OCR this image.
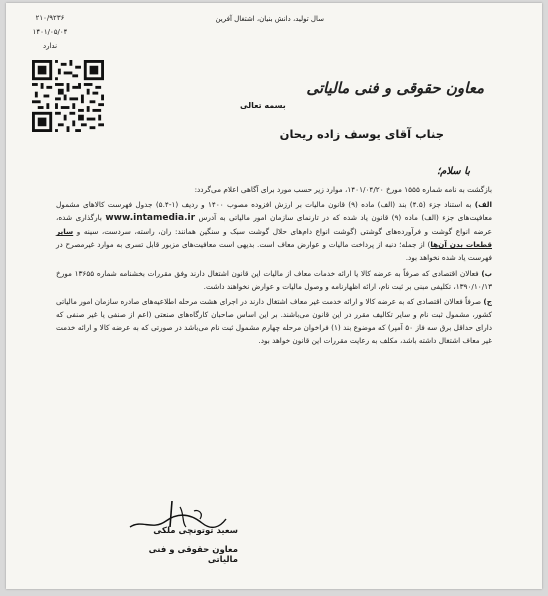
۲۱۰/۹۲۳۶
۱۴۰۱/۰۵/۰۴
ندارد
سال تولید، دانش بنیان، اشتغال آفرین
معاون حقوقی و فنی مالیاتی
بسمه تعالی
جناب آقای یوسف زاده ریحان
با سلام؛

بازگشت به نامه شماره ۱۵۵۵ مورخ ۱۴۰۱/۰۴/۲۰، موارد زیر حسب مورد برای آگاهی اعلام می‌گردد:

الف) به استناد جزء (۴.۵) بند (الف) ماده (۹) قانون مالیات بر ارزش افزوده مصوب ۱۴۰۰ و ردیف (۱-۵.۴) جدول فهرست کالاهای مشمول معافیت‌های جزء (الف) ماده (۹) قانون یاد شده که در تارنمای سازمان امور مالیاتی به آدرس www.intamedia.ir بارگذاری شده، عرضه انواع گوشت و فرآورده‌های گوشتی (گوشت انواع دام‌های حلال گوشت سبک و سنگین همانند: ران، راسته، سردست، سینه و سایر قطعات بدن آن‌ها) از جمله؛ دنبه از پرداخت مالیات و عوارض معاف است. بدیهی است معافیت‌های مزبور قابل تسری به موارد غیرمصرح در فهرست یاد شده نخواهد بود.

ب) فعالان اقتصادی که صرفاً به عرضه کالا یا ارائه خدمات معاف از مالیات این قانون اشتغال دارند وفق مقررات بخشنامه شماره ۱۳۶۵۵ مورخ ۱۳۹۰/۱۰/۱۳، تکلیفی مبنی بر ثبت نام، ارائه اظهارنامه و وصول مالیات و عوارض نخواهند داشت.

ج) صرفاً فعالان اقتصادی که به عرضه کالا و ارائه خدمت غیر معاف اشتغال دارند در اجرای هشت مرحله اطلاعیه‌های صادره سازمان امور مالیاتی کشور، مشمول ثبت نام و سایر تکالیف مقرر در این قانون می‌باشند. بر این اساس صاحبان کارگاه‌های صنعتی (اعم از صنفی یا غیر صنفی که دارای حداقل برق سه فاز ۵۰ آمپر) که موضوع بند (۱) فراخوان مرحله چهارم مشمول ثبت نام می‌باشد در صورتی که به عرضه کالا و ارائه خدمت غیر معاف اشتغال داشته باشد، مکلف به رعایت مقررات این قانون خواهد بود.

سعید توتونچی ملکی
معاون حقوقی و فنی مالیاتی
